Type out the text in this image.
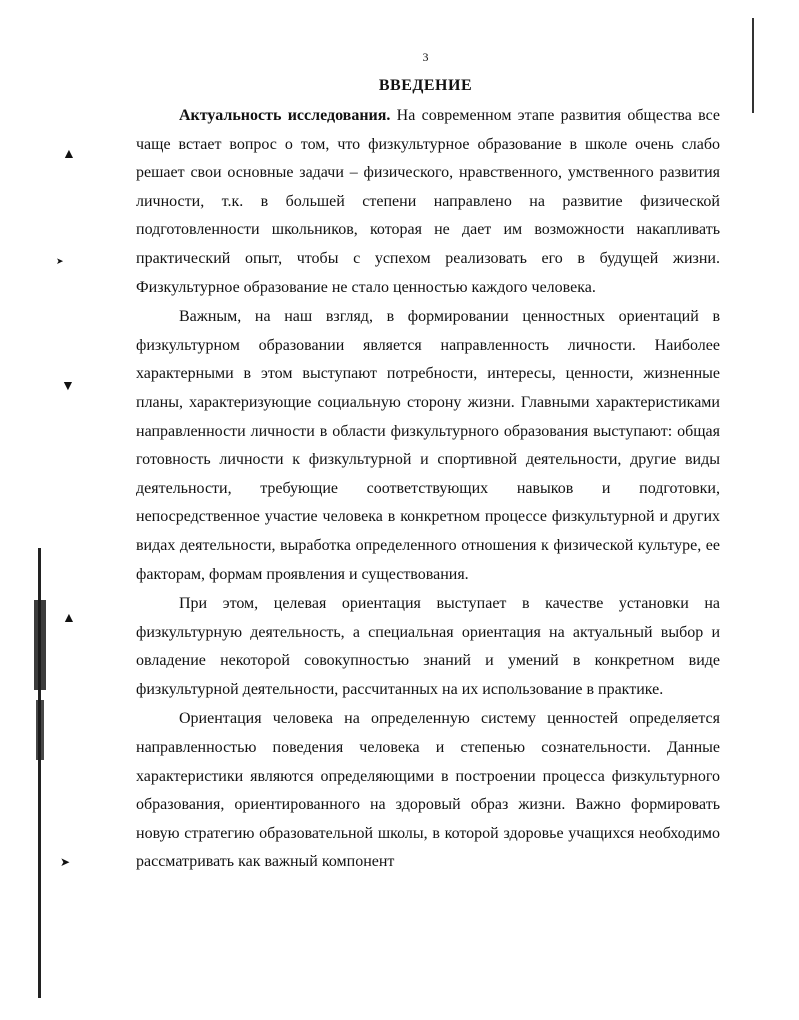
3
ВВЕДЕНИЕ

Актуальность исследования. На современном этапе развития общества все чаще встает вопрос о том, что физкультурное образование в школе очень слабо решает свои основные задачи – физического, нравственного, умственного развития личности, т.к. в большей степени направлено на развитие физической подготовленности школьников, которая не дает им возможности накапливать практический опыт, чтобы с успехом реализовать его в будущей жизни. Физкультурное образование не стало ценностью каждого человека.

Важным, на наш взгляд, в формировании ценностных ориентаций в физкультурном образовании является направленность личности. Наиболее характерными в этом выступают потребности, интересы, ценности, жизненные планы, характеризующие социальную сторону жизни. Главными характеристиками направленности личности в области физкультурного образования выступают: общая готовность личности к физкультурной и спортивной деятельности, другие виды деятельности, требующие соответствующих навыков и подготовки, непосредственное участие человека в конкретном процессе физкультурной и других видах деятельности, выработка определенного отношения к физической культуре, ее факторам, формам проявления и существования.

При этом, целевая ориентация выступает в качестве установки на физкультурную деятельность, а специальная ориентация на актуальный выбор и овладение некоторой совокупностью знаний и умений в конкретном виде физкультурной деятельности, рассчитанных на их использование в практике.

Ориентация человека на определенную систему ценностей определяется направленностью поведения человека и степенью сознательности. Данные характеристики являются определяющими в построении процесса физкультурного образования, ориентированного на здоровый образ жизни. Важно формировать новую стратегию образовательной школы, в которой здоровье учащихся необходимо рассматривать как важный компонент

▲
➤
▼
▲
➤
